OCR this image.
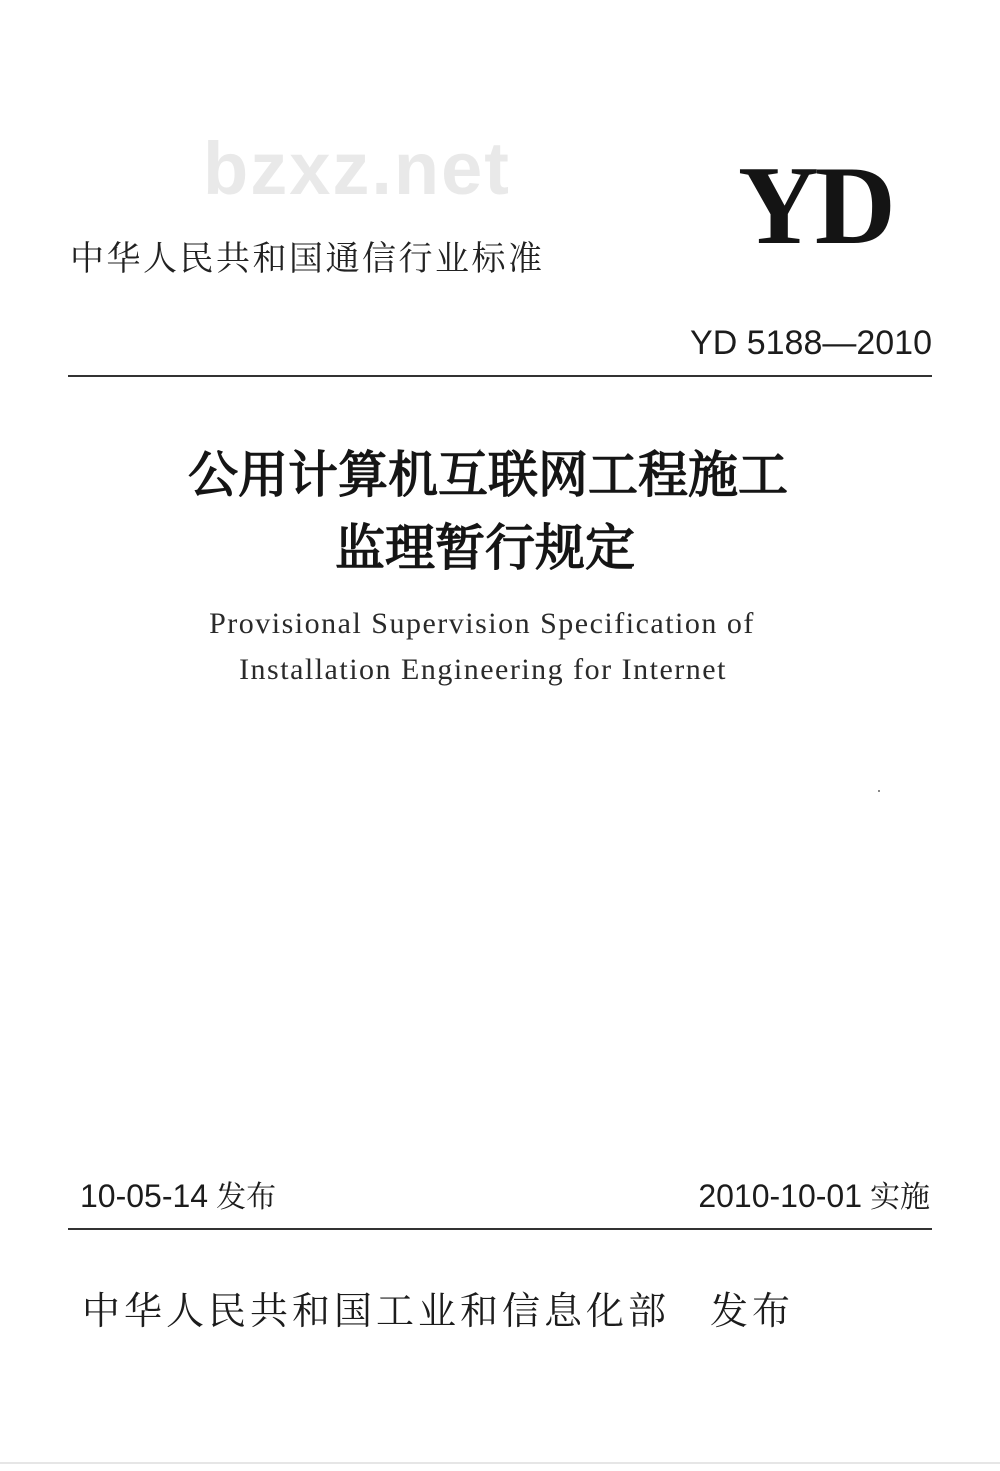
bzxz.net YD
中华人民共和国通信行业标准
YD 5188—2010
公用计算机互联网工程施工
监理暂行规定
Provisional Supervision Specification of
Installation Engineering for Internet
10-05-14 发布	2010-10-01 实施
中华人民共和国工业和信息化部 发布
